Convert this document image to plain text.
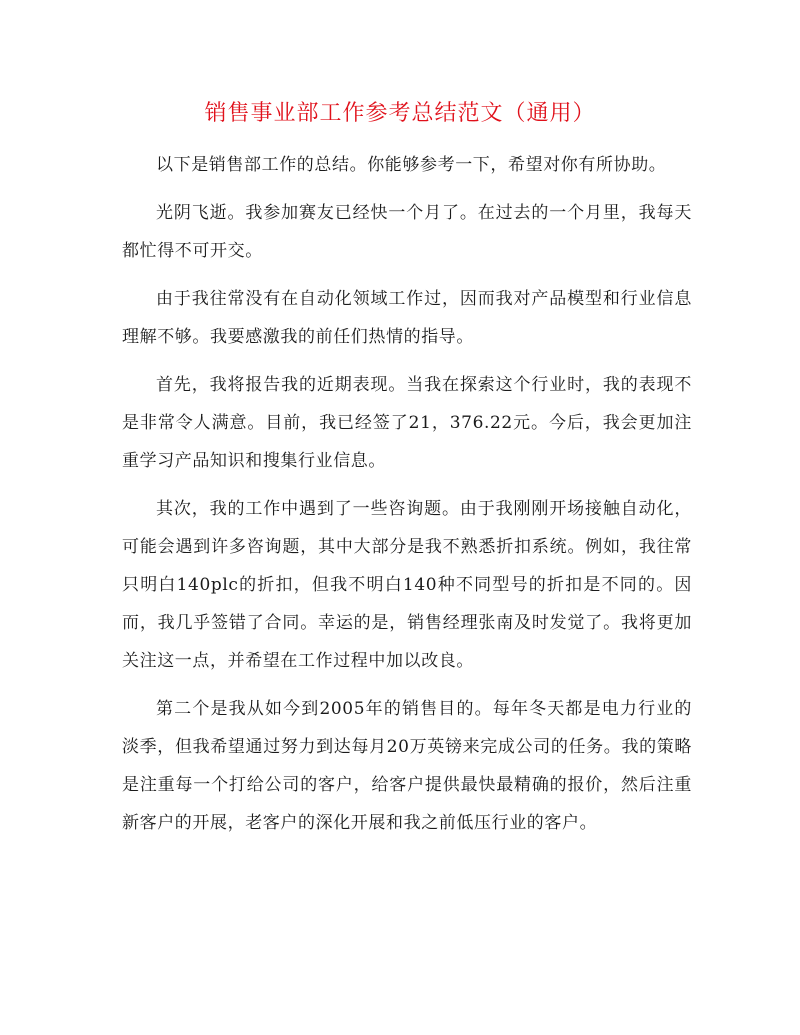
销售事业部工作参考总结范文（通用）

以下是销售部工作的总结。你能够参考一下，希望对你有所协助。

光阴飞逝。我参加赛友已经快一个月了。在过去的一个月里，我每天都忙得不可开交。

由于我往常没有在自动化领域工作过，因而我对产品模型和行业信息理解不够。我要感激我的前任们热情的指导。

首先，我将报告我的近期表现。当我在探索这个行业时，我的表现不是非常令人满意。目前，我已经签了21，376.22元。今后，我会更加注重学习产品知识和搜集行业信息。

其次，我的工作中遇到了一些咨询题。由于我刚刚开场接触自动化，可能会遇到许多咨询题，其中大部分是我不熟悉折扣系统。例如，我往常只明白140plc的折扣，但我不明白140种不同型号的折扣是不同的。因而，我几乎签错了合同。幸运的是，销售经理张南及时发觉了。我将更加关注这一点，并希望在工作过程中加以改良。

第二个是我从如今到2005年的销售目的。每年冬天都是电力行业的淡季，但我希望通过努力到达每月20万英镑来完成公司的任务。我的策略是注重每一个打给公司的客户，给客户提供最快最精确的报价，然后注重新客户的开展，老客户的深化开展和我之前低压行业的客户。
